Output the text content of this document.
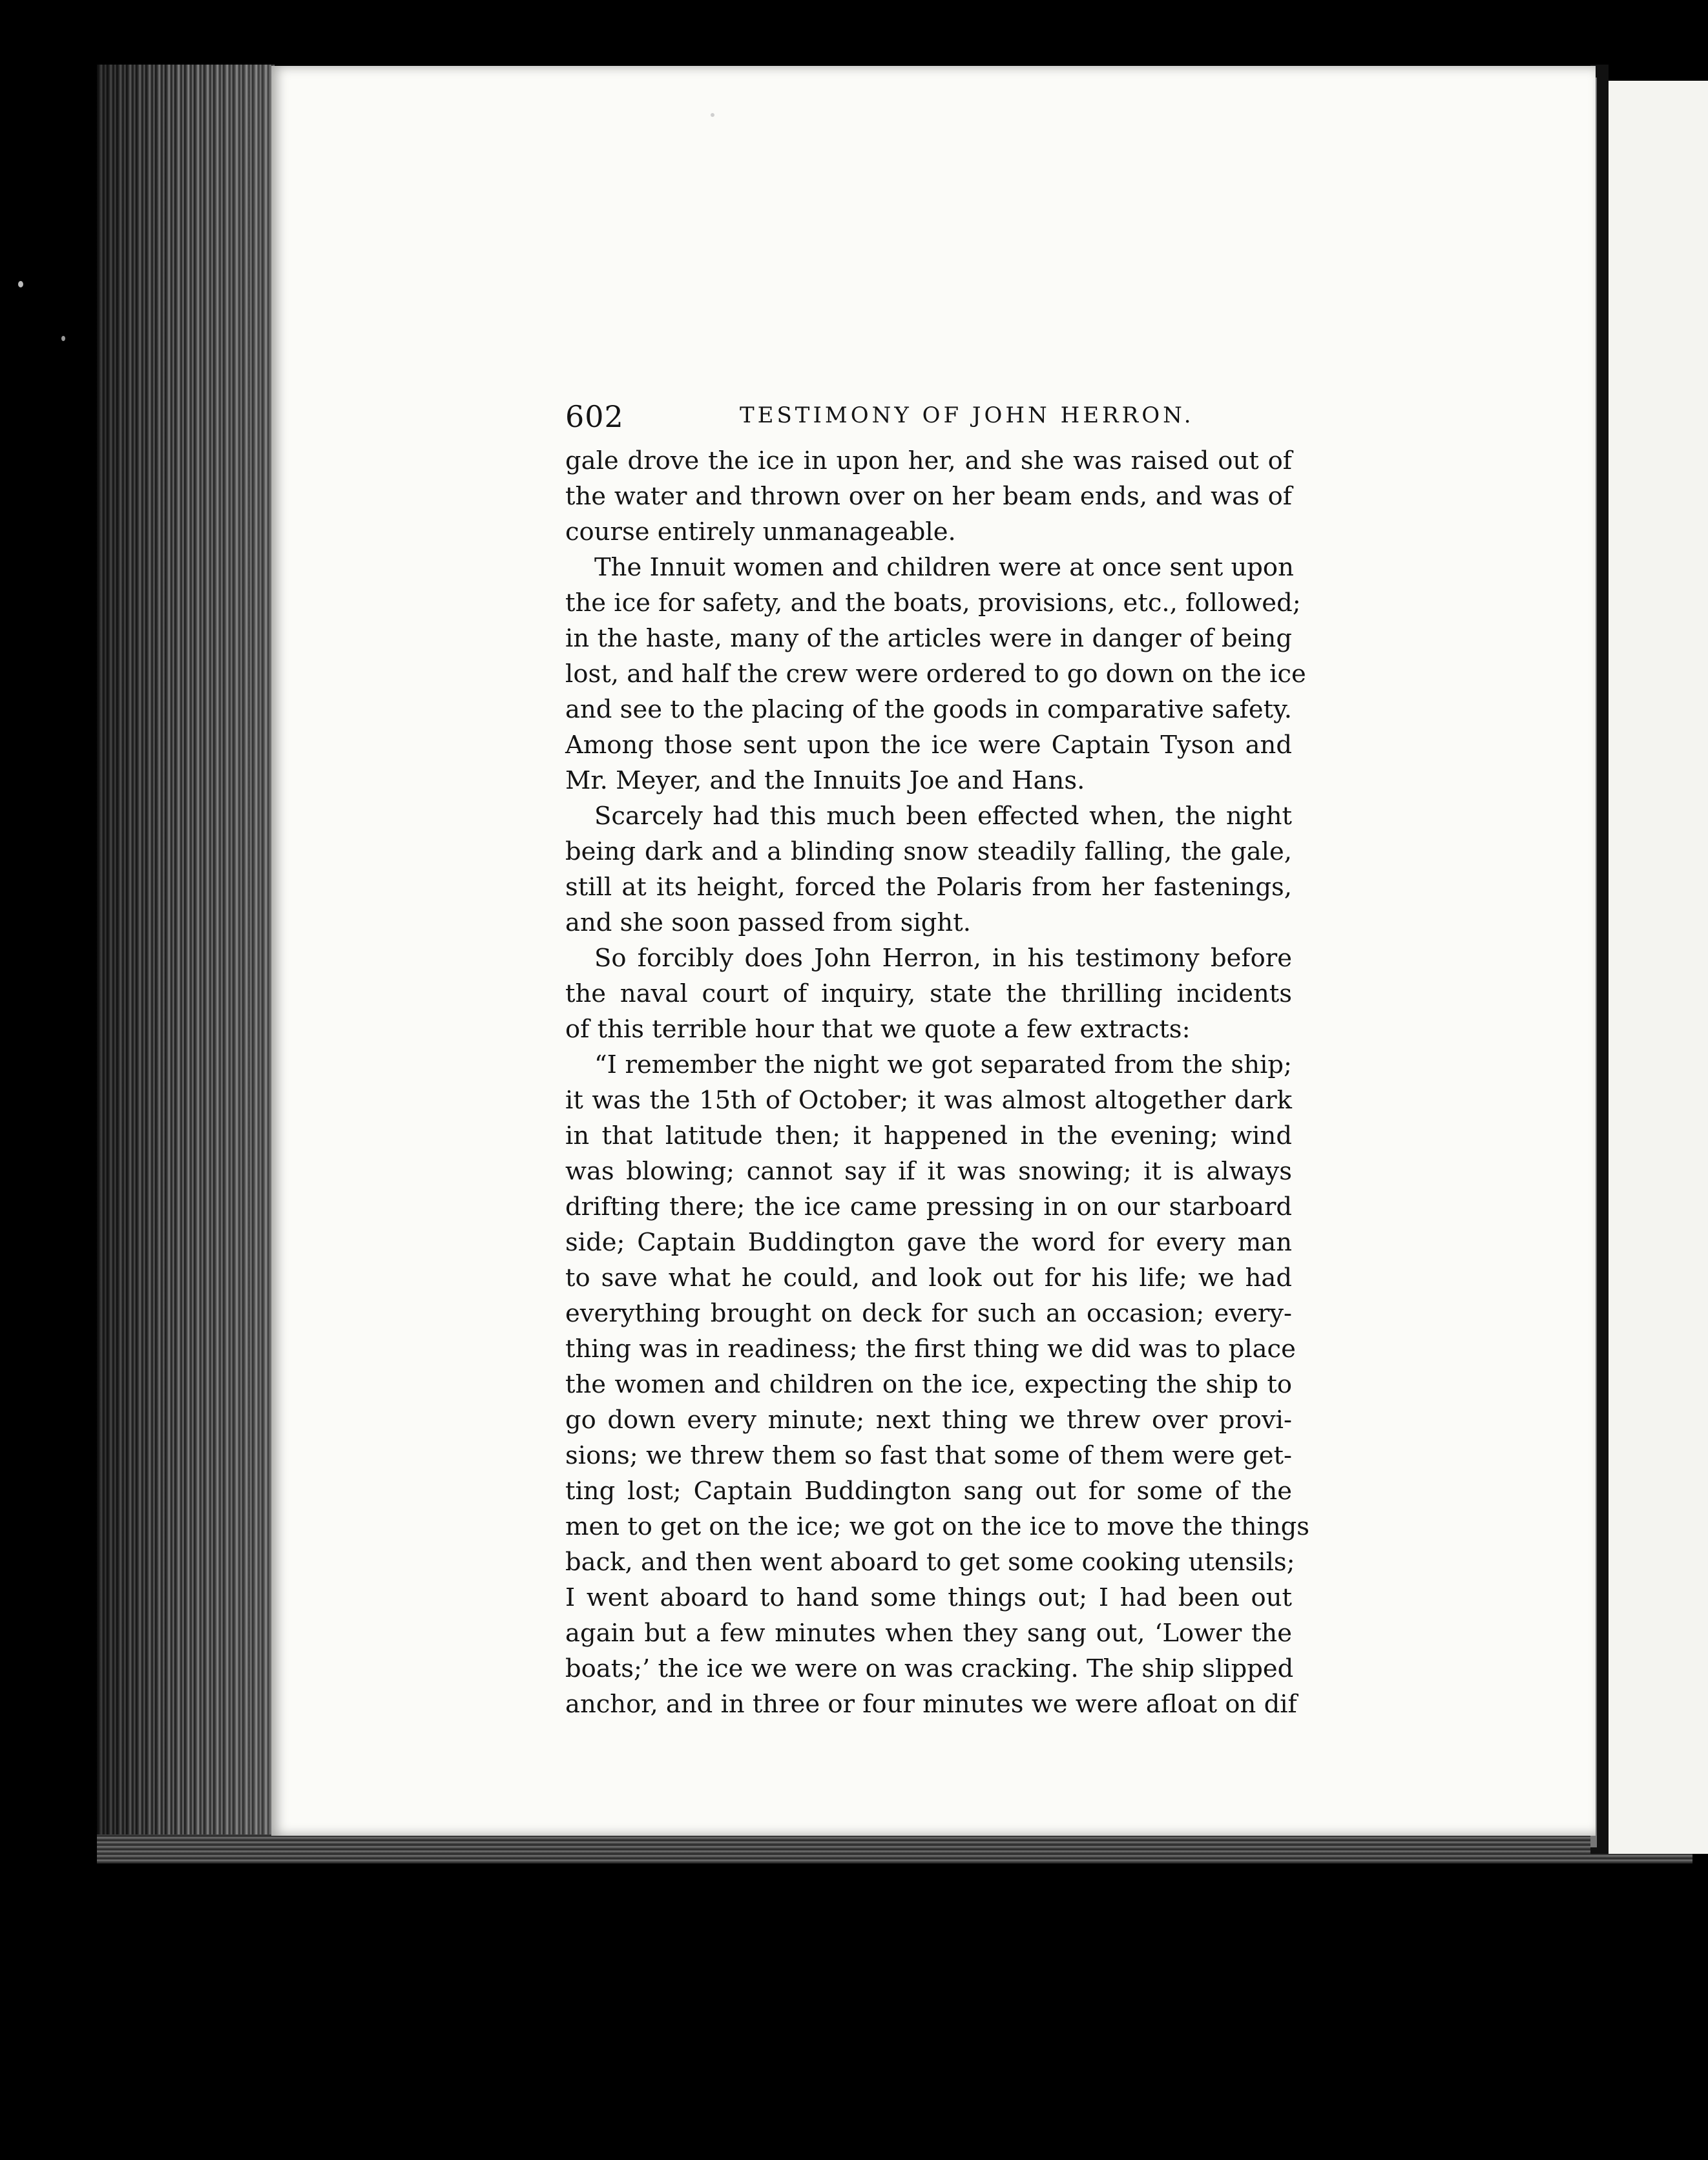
602	TESTIMONY OF JOHN HERRON.
gale drove the ice in upon her, and she was raised out of
the water and thrown over on her beam ends, and was of
course entirely unmanageable.
The Innuit women and children were at once sent upon
the ice for safety, and the boats, provisions, etc., followed;
in the haste, many of the articles were in danger of being
lost, and half the crew were ordered to go down on the ice
and see to the placing of the goods in comparative safety.
Among those sent upon the ice were Captain Tyson and
Mr. Meyer, and the Innuits Joe and Hans.
Scarcely had this much been effected when, the night
being dark and a blinding snow steadily falling, the gale,
still at its height, forced the Polaris from her fastenings,
and she soon passed from sight.
So forcibly does John Herron, in his testimony before
the naval court of inquiry, state the thrilling incidents
of this terrible hour that we quote a few extracts:
“I remember the night we got separated from the ship;
it was the 15th of October; it was almost altogether dark
in that latitude then; it happened in the evening; wind
was blowing; cannot say if it was snowing; it is always
drifting there; the ice came pressing in on our starboard
side; Captain Buddington gave the word for every man
to save what he could, and look out for his life; we had
everything brought on deck for such an occasion; every-
thing was in readiness; the first thing we did was to place
the women and children on the ice, expecting the ship to
go down every minute; next thing we threw over provi-
sions; we threw them so fast that some of them were get-
ting lost; Captain Buddington sang out for some of the
men to get on the ice; we got on the ice to move the things
back, and then went aboard to get some cooking utensils;
I went aboard to hand some things out; I had been out
again but a few minutes when they sang out, ‘Lower the
boats;’ the ice we were on was cracking. The ship slipped
anchor, and in three or four minutes we were afloat on dif
